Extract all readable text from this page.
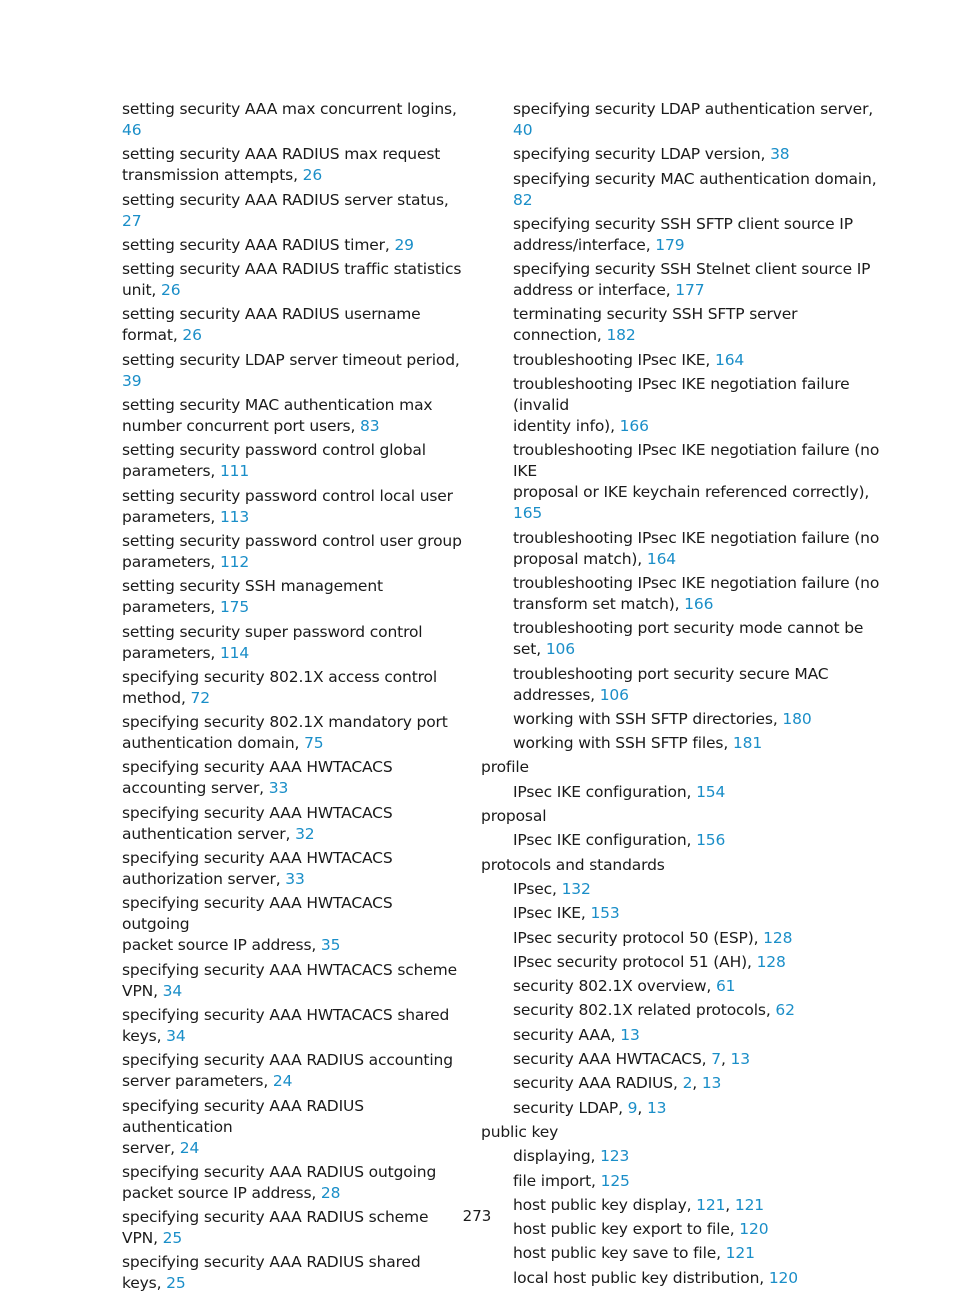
setting security AAA max concurrent logins, 46
setting security AAA RADIUS max request
transmission attempts, 26
setting security AAA RADIUS server status, 27
setting security AAA RADIUS timer, 29
setting security AAA RADIUS traffic statistics
unit, 26
setting security AAA RADIUS username
format, 26
setting security LDAP server timeout period, 39
setting security MAC authentication max
number concurrent port users, 83
setting security password control global
parameters, 111
setting security password control local user
parameters, 113
setting security password control user group
parameters, 112
setting security SSH management
parameters, 175
setting security super password control
parameters, 114
specifying security 802.1X access control
method, 72
specifying security 802.1X mandatory port
authentication domain, 75
specifying security AAA HWTACACS
accounting server, 33
specifying security AAA HWTACACS
authentication server, 32
specifying security AAA HWTACACS
authorization server, 33
specifying security AAA HWTACACS outgoing
packet source IP address, 35
specifying security AAA HWTACACS scheme
VPN, 34
specifying security AAA HWTACACS shared
keys, 34
specifying security AAA RADIUS accounting
server parameters, 24
specifying security AAA RADIUS authentication
server, 24
specifying security AAA RADIUS outgoing
packet source IP address, 28
specifying security AAA RADIUS scheme
VPN, 25
specifying security AAA RADIUS shared
keys, 25
specifying security LDAP authentication server, 40
specifying security LDAP version, 38
specifying security MAC authentication domain, 82
specifying security SSH SFTP client source IP
address/interface, 179
specifying security SSH Stelnet client source IP
address or interface, 177
terminating security SSH SFTP server
connection, 182
troubleshooting IPsec IKE, 164
troubleshooting IPsec IKE negotiation failure (invalid
identity info), 166
troubleshooting IPsec IKE negotiation failure (no IKE
proposal or IKE keychain referenced correctly), 165
troubleshooting IPsec IKE negotiation failure (no
proposal match), 164
troubleshooting IPsec IKE negotiation failure (no
transform set match), 166
troubleshooting port security mode cannot be
set, 106
troubleshooting port security secure MAC
addresses, 106
working with SSH SFTP directories, 180
working with SSH SFTP files, 181
profile
IPsec IKE configuration, 154
proposal
IPsec IKE configuration, 156
protocols and standards
IPsec, 132
IPsec IKE, 153
IPsec security protocol 50 (ESP), 128
IPsec security protocol 51 (AH), 128
security 802.1X overview, 61
security 802.1X related protocols, 62
security AAA, 13
security AAA HWTACACS, 7, 13
security AAA RADIUS, 2, 13
security LDAP, 9, 13
public key
displaying, 123
file import, 125
host public key display, 121, 121
host public key export to file, 120
host public key save to file, 121
local host public key distribution, 120
273
